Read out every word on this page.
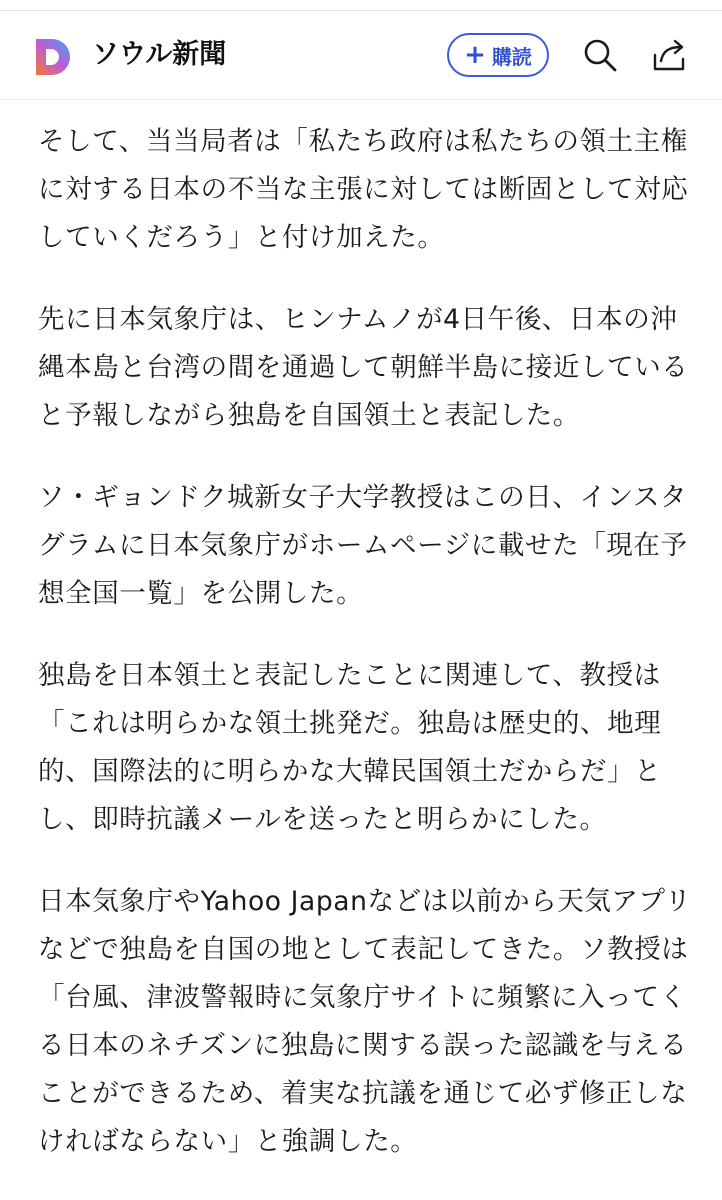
ソウル新聞	+ 購読

そして、当当局者は「私たち政府は私たちの領土主権に対する日本の不当な主張に対しては断固として対応していくだろう」と付け加えた。

先に日本気象庁は、ヒンナムノが4日午後、日本の沖縄本島と台湾の間を通過して朝鮮半島に接近していると予報しながら独島を自国領土と表記した。

ソ・ギョンドク城新女子大学教授はこの日、インスタグラムに日本気象庁がホームページに載せた「現在予想全国一覧」を公開した。

独島を日本領土と表記したことに関連して、教授は「これは明らかな領土挑発だ。独島は歴史的、地理的、国際法的に明らかな大韓民国領土だからだ」とし、即時抗議メールを送ったと明らかにした。

日本気象庁やYahoo Japanなどは以前から天気アプリなどで独島を自国の地として表記してきた。ソ教授は「台風、津波警報時に気象庁サイトに頻繁に入ってくる日本のネチズンに独島に関する誤った認識を与えることができるため、着実な抗議を通じて必ず修正しなければならない」と強調した。
